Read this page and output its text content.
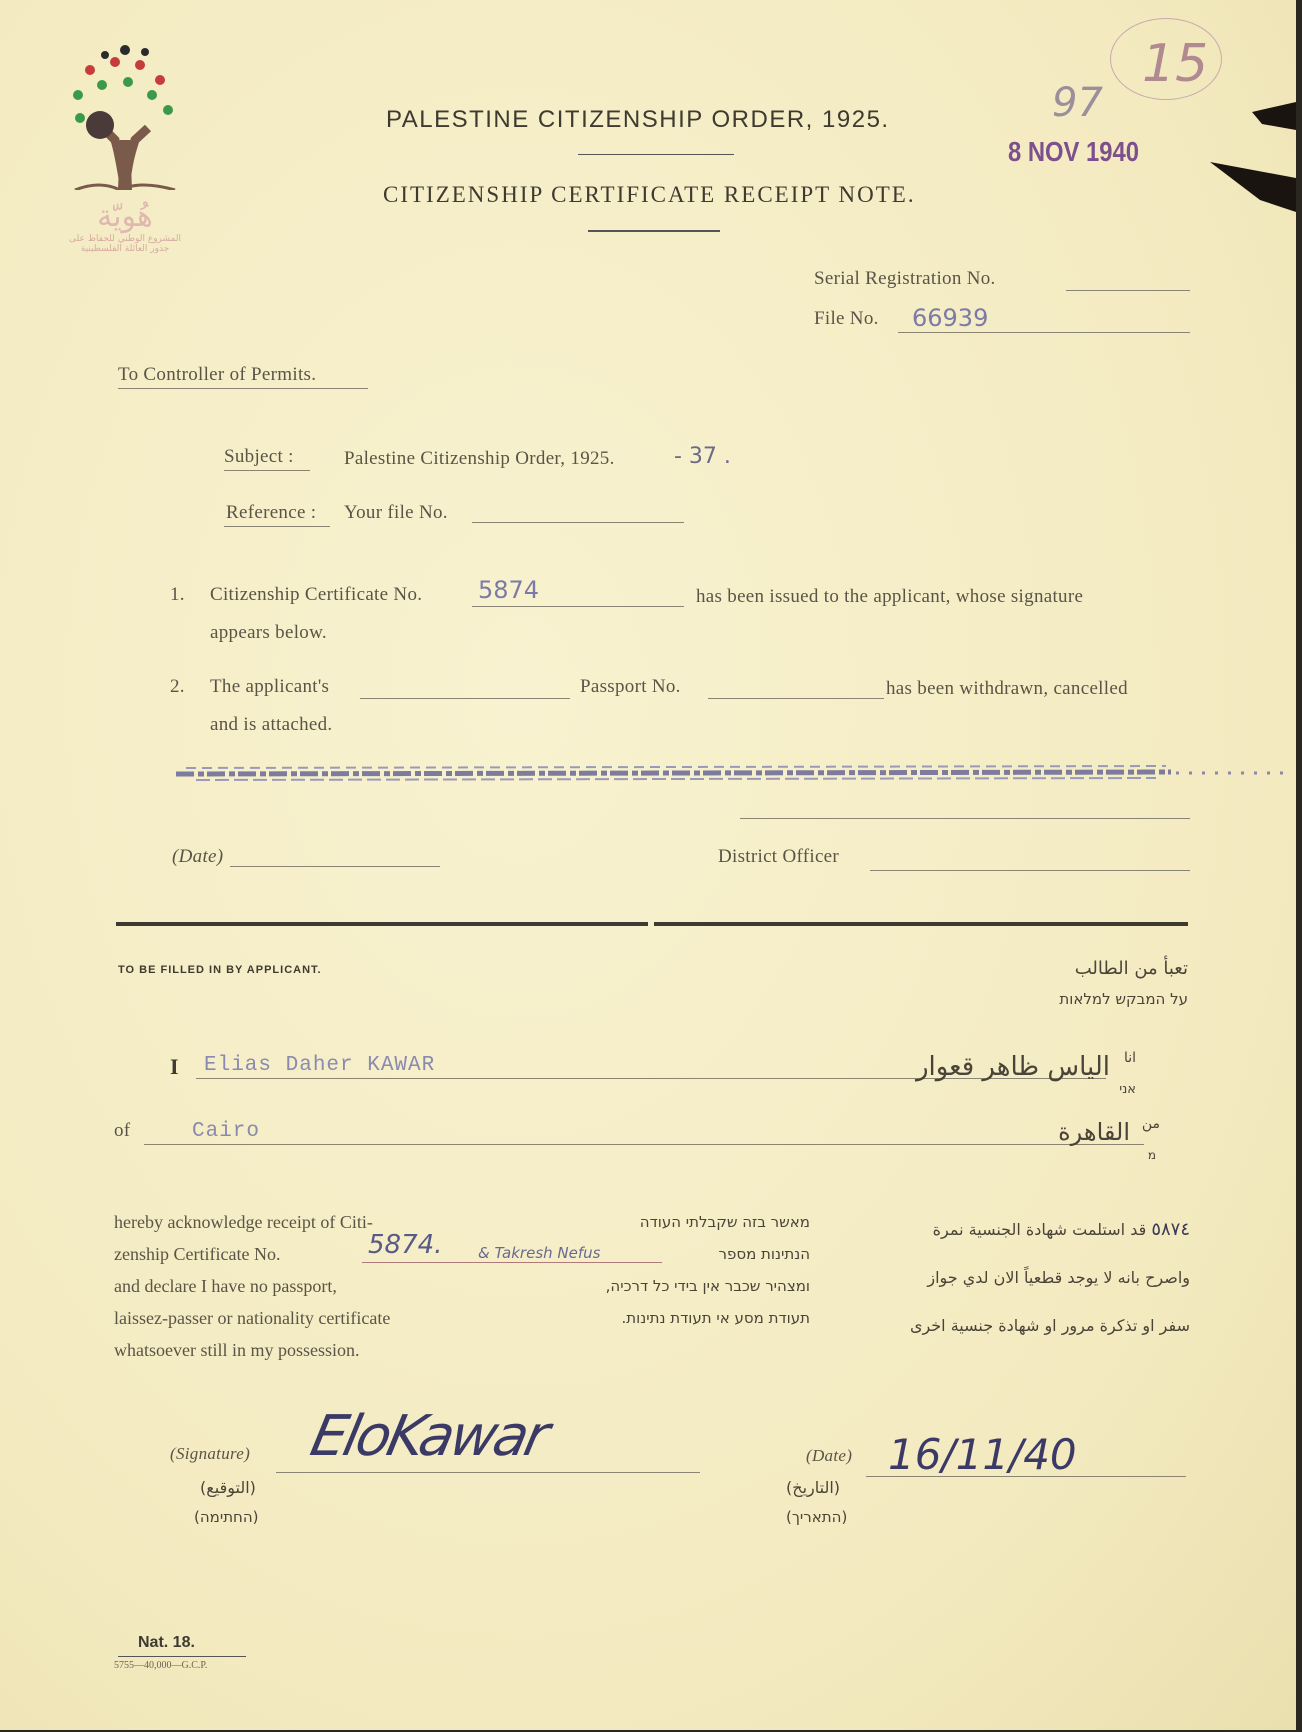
هُويّة
المشروع الوطني للحفاظ على
جذور العائلة الفلسطينية
PALESTINE CITIZENSHIP ORDER, 1925.
CITIZENSHIP CERTIFICATE RECEIPT NOTE.
8 NOV 1940
97
15
Serial Registration No.
File No. 66939
To Controller of Permits.
Subject :	Palestine Citizenship Order, 1925.	- 37 .
Reference : Your file No.
1. Citizenship Certificate No. 5874	has been issued to the applicant, whose signature
appears below.
2. The applicant's	Passport No.	has been withdrawn, cancelled
and is attached.
(Date)	District Officer
TO BE FILLED IN BY APPLICANT.	تعبأ من الطالب
על המבקש למלאות
I Elias Daher KAWAR	الياس ظاهر قعوار انا
אני
of	Cairo	القاهرة من
מ
hereby acknowledge receipt of Citi-
zenship Certificate No.
and declare I have no passport,
laissez-passer or nationality certificate
whatsoever still in my possession.
5874. & Takresh Nefus
מאשר בזה שקבלתי העודה
הנתינות מספר
ומצהיר שכבר אין בידי כל דרכיה,
תעודת מסע אי תעודת נתינות.
٥٨٧٤ قد استلمت شهادة الجنسية نمرة
واصرح بانه لا يوجد قطعياً الان لدي جواز
سفر او تذكرة مرور او شهادة جنسية اخرى
(Signature)
(التوقيع)
(החתימה)
EloKawar	(Date)
(التاريخ)
(התאריך)
16/11/40
Nat. 18.
5755—40,000—G.C.P.
